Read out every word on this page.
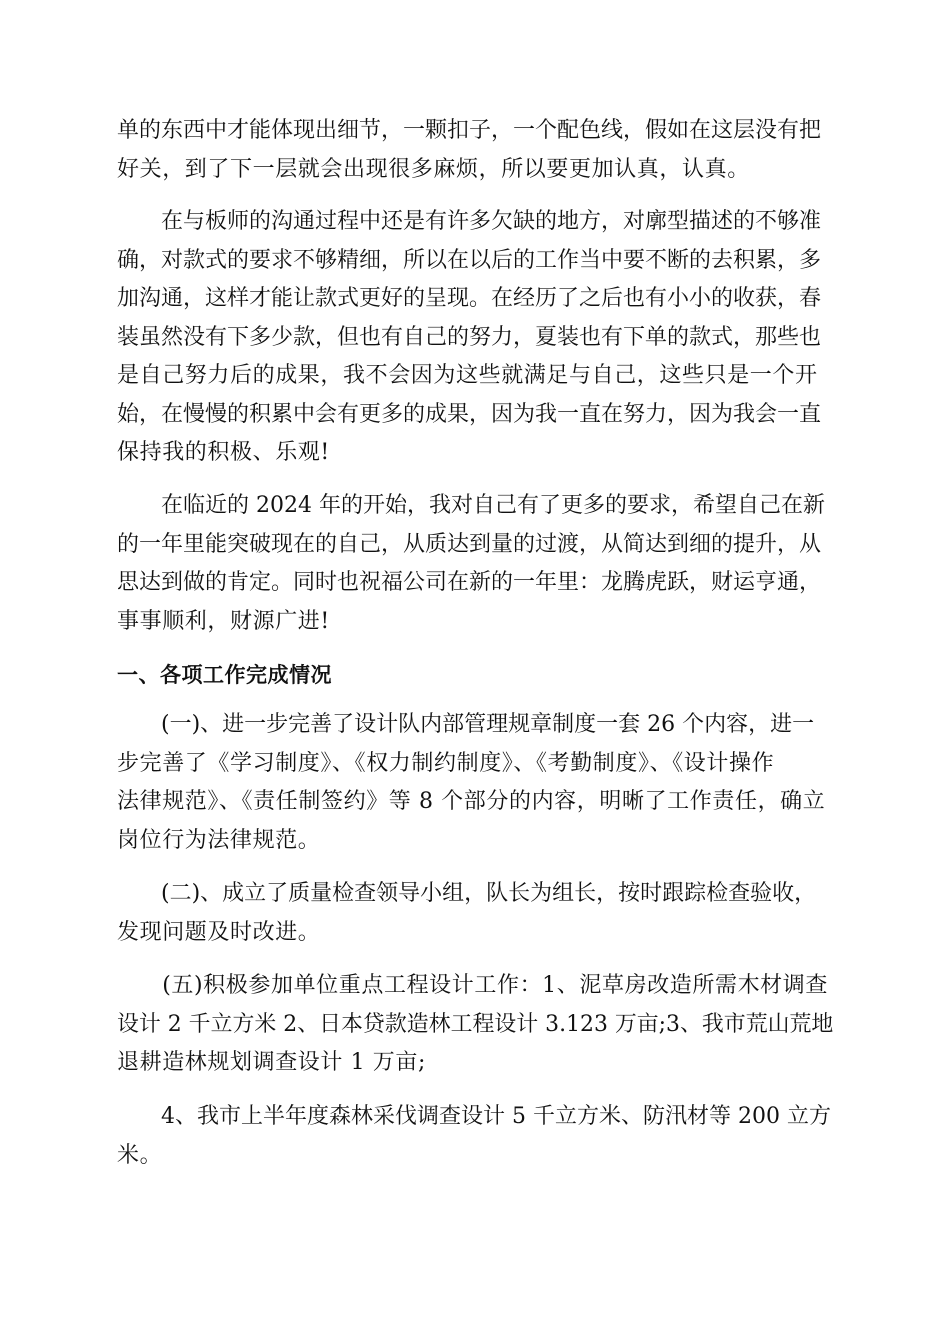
单的东西中才能体现出细节，一颗扣子，一个配色线，假如在这层没有把
好关，到了下一层就会出现很多麻烦，所以要更加认真，认真。

　　在与板师的沟通过程中还是有许多欠缺的地方，对廓型描述的不够准
确，对款式的要求不够精细，所以在以后的工作当中要不断的去积累，多
加沟通，这样才能让款式更好的呈现。在经历了之后也有小小的收获，春
装虽然没有下多少款，但也有自己的努力，夏装也有下单的款式，那些也
是自己努力后的成果，我不会因为这些就满足与自己，这些只是一个开
始，在慢慢的积累中会有更多的成果，因为我一直在努力，因为我会一直
保持我的积极、乐观!

　　在临近的 2024 年的开始，我对自己有了更多的要求，希望自己在新
的一年里能突破现在的自己，从质达到量的过渡，从简达到细的提升，从
思达到做的肯定。同时也祝福公司在新的一年里：龙腾虎跃，财运亨通，
事事顺利，财源广进!

一、各项工作完成情况

　　(一)、进一步完善了设计队内部管理规章制度一套 26 个内容，进一
步完善了《学习制度》、《权力制约制度》、《考勤制度》、《设计操作
法律规范》、《责任制签约》等 8 个部分的内容，明晰了工作责任，确立
岗位行为法律规范。

　　(二)、成立了质量检查领导小组，队长为组长，按时跟踪检查验收，
发现问题及时改进。

　　(五)积极参加单位重点工程设计工作：1、泥草房改造所需木材调查
设计 2 千立方米 2、日本贷款造林工程设计 3.123 万亩;3、我市荒山荒地
退耕造林规划调查设计 1 万亩;

　　4、我市上半年度森林采伐调查设计 5 千立方米、防汛材等 200 立方
米。
